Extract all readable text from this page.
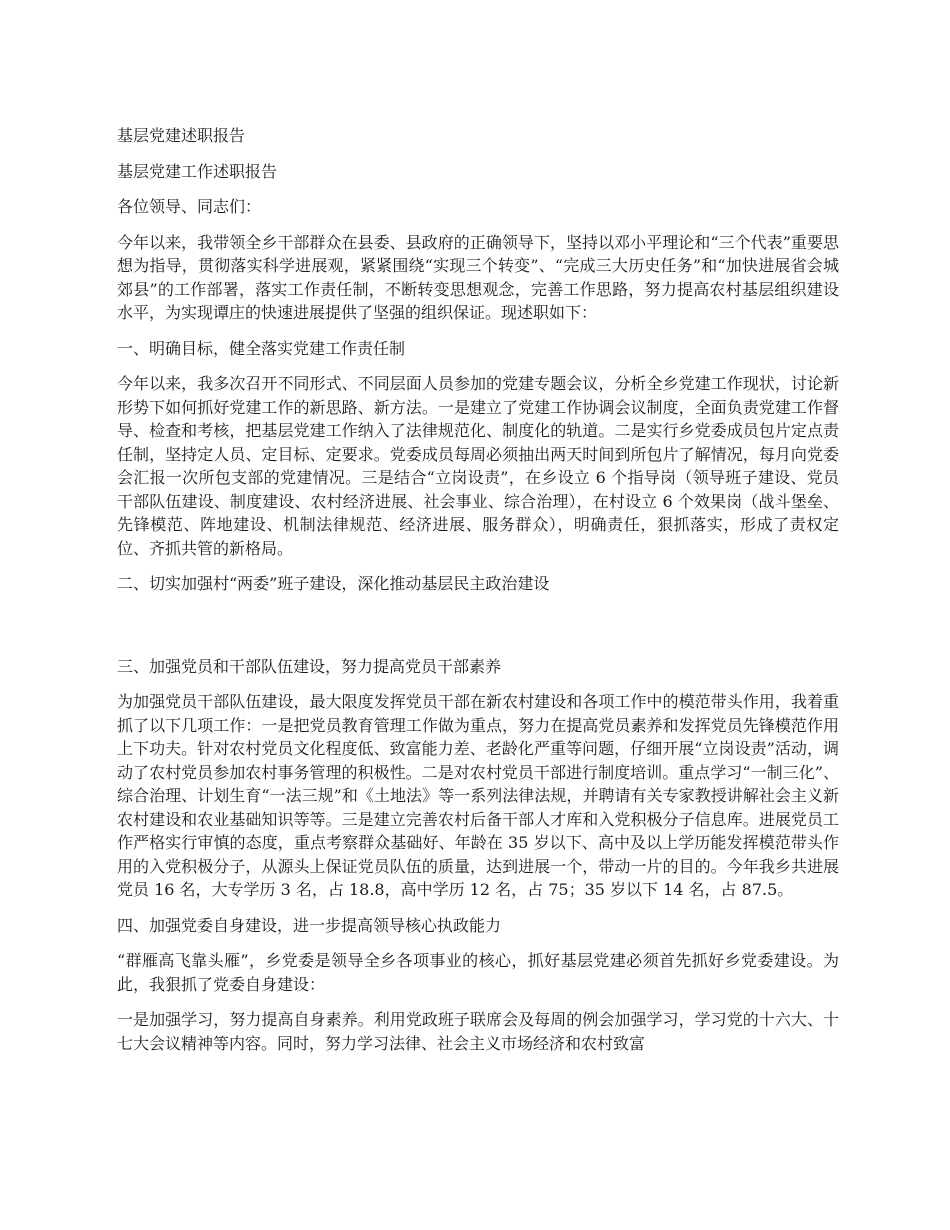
基层党建述职报告

基层党建工作述职报告

各位领导、同志们：

今年以来，我带领全乡干部群众在县委、县政府的正确领导下，坚持以邓小平理论和“三个代表”重要思想为指导，贯彻落实科学进展观，紧紧围绕“实现三个转变”、“完成三大历史任务”和“加快进展省会城郊县”的工作部署，落实工作责任制，不断转变思想观念，完善工作思路，努力提高农村基层组织建设水平，为实现谭庄的快速进展提供了坚强的组织保证。现述职如下：

一、明确目标，健全落实党建工作责任制

今年以来，我多次召开不同形式、不同层面人员参加的党建专题会议，分析全乡党建工作现状，讨论新形势下如何抓好党建工作的新思路、新方法。一是建立了党建工作协调会议制度，全面负责党建工作督导、检查和考核，把基层党建工作纳入了法律规范化、制度化的轨道。二是实行乡党委成员包片定点责任制，坚持定人员、定目标、定要求。党委成员每周必须抽出两天时间到所包片了解情况，每月向党委会汇报一次所包支部的党建情况。三是结合“立岗设责”，在乡设立 6 个指导岗（领导班子建设、党员干部队伍建设、制度建设、农村经济进展、社会事业、综合治理），在村设立 6 个效果岗（战斗堡垒、先锋模范、阵地建设、机制法律规范、经济进展、服务群众），明确责任，狠抓落实，形成了责权定位、齐抓共管的新格局。

二、切实加强村“两委”班子建设，深化推动基层民主政治建设

三、加强党员和干部队伍建设，努力提高党员干部素养

为加强党员干部队伍建设，最大限度发挥党员干部在新农村建设和各项工作中的模范带头作用，我着重抓了以下几项工作：一是把党员教育管理工作做为重点，努力在提高党员素养和发挥党员先锋模范作用上下功夫。针对农村党员文化程度低、致富能力差、老龄化严重等问题，仔细开展“立岗设责”活动，调动了农村党员参加农村事务管理的积极性。二是对农村党员干部进行制度培训。重点学习“一制三化”、综合治理、计划生育“一法三规”和《土地法》等一系列法律法规，并聘请有关专家教授讲解社会主义新农村建设和农业基础知识等等。三是建立完善农村后备干部人才库和入党积极分子信息库。进展党员工作严格实行审慎的态度，重点考察群众基础好、年龄在 35 岁以下、高中及以上学历能发挥模范带头作用的入党积极分子，从源头上保证党员队伍的质量，达到进展一个，带动一片的目的。今年我乡共进展党员 16 名，大专学历 3 名，占 18.8，高中学历 12 名，占 75；35 岁以下 14 名，占 87.5。

四、加强党委自身建设，进一步提高领导核心执政能力

“群雁高飞靠头雁”，乡党委是领导全乡各项事业的核心，抓好基层党建必须首先抓好乡党委建设。为此，我狠抓了党委自身建设：

一是加强学习，努力提高自身素养。利用党政班子联席会及每周的例会加强学习，学习党的十六大、十七大会议精神等内容。同时，努力学习法律、社会主义市场经济和农村致富
